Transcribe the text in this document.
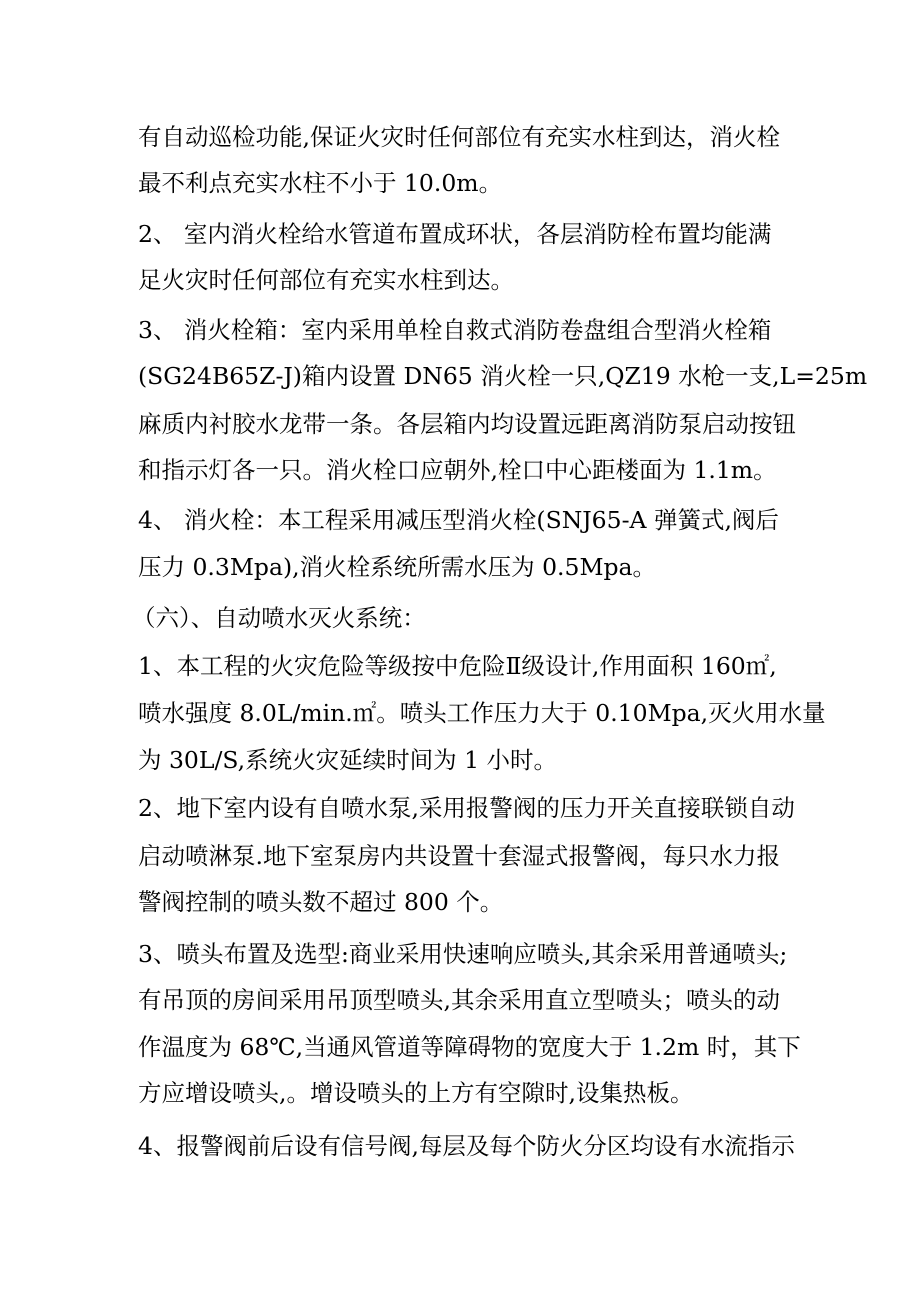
有自动巡检功能,保证火灾时任何部位有充实水柱到达，消火栓
最不利点充实水柱不小于 10.0m。
2、 室内消火栓给水管道布置成环状，各层消防栓布置均能满
足火灾时任何部位有充实水柱到达。
3、 消火栓箱：室内采用单栓自救式消防卷盘组合型消火栓箱
(SG24B65Z-J)箱内设置 DN65 消火栓一只,QZ19 水枪一支,L=25m
麻质内衬胶水龙带一条。各层箱内均设置远距离消防泵启动按钮
和指示灯各一只。消火栓口应朝外,栓口中心距楼面为 1.1m。
4、 消火栓：本工程采用减压型消火栓(SNJ65-A 弹簧式,阀后
压力 0.3Mpa),消火栓系统所需水压为 0.5Mpa。
（六）、自动喷水灭火系统：
1、本工程的火灾危险等级按中危险Ⅱ级设计,作用面积 160㎡,
喷水强度 8.0L/min.㎡。喷头工作压力大于 0.10Mpa,灭火用水量
为 30L/S,系统火灾延续时间为 1 小时。
2、地下室内设有自喷水泵,采用报警阀的压力开关直接联锁自动
启动喷淋泵.地下室泵房内共设置十套湿式报警阀，每只水力报
警阀控制的喷头数不超过 800 个。
3、喷头布置及选型:商业采用快速响应喷头,其余采用普通喷头;
有吊顶的房间采用吊顶型喷头,其余采用直立型喷头；喷头的动
作温度为 68℃,当通风管道等障碍物的宽度大于 1.2m 时，其下
方应增设喷头,。增设喷头的上方有空隙时,设集热板。
4、报警阀前后设有信号阀,每层及每个防火分区均设有水流指示
